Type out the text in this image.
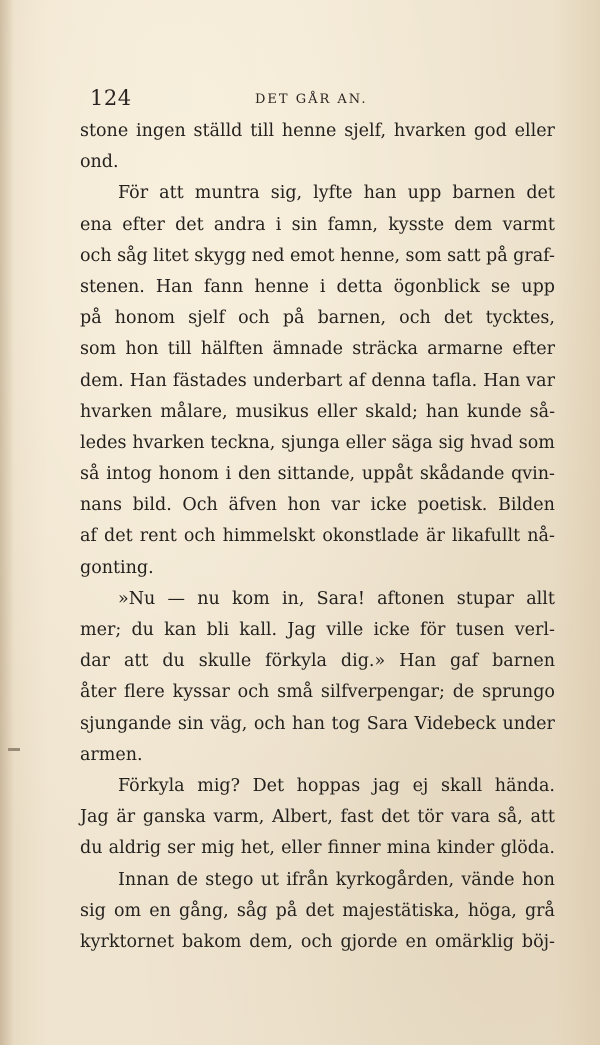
124	DET GÅR AN.
stone ingen ställd till henne sjelf, hvarken god eller
ond.
För att muntra sig, lyfte han upp barnen det
ena efter det andra i sin famn, kysste dem varmt
och såg litet skygg ned emot henne, som satt på graf-
stenen. Han fann henne i detta ögonblick se upp
på honom sjelf och på barnen, och det tycktes,
som hon till hälften ämnade sträcka armarne efter
dem. Han fästades underbart af denna tafla. Han var
hvarken målare, musikus eller skald; han kunde så-
ledes hvarken teckna, sjunga eller säga sig hvad som
så intog honom i den sittande, uppåt skådande qvin-
nans bild. Och äfven hon var icke poetisk. Bilden
af det rent och himmelskt okonstlade är likafullt nå-
gonting.
»Nu — nu kom in, Sara! aftonen stupar allt
mer; du kan bli kall. Jag ville icke för tusen verl-
dar att du skulle förkyla dig.» Han gaf barnen
åter flere kyssar och små silfverpengar; de sprungo
sjungande sin väg, och han tog Sara Videbeck under
armen.
Förkyla mig? Det hoppas jag ej skall hända.
Jag är ganska varm, Albert, fast det tör vara så, att
du aldrig ser mig het, eller finner mina kinder glöda.
Innan de stego ut ifrån kyrkogården, vände hon
sig om en gång, såg på det majestätiska, höga, grå
kyrktornet bakom dem, och gjorde en omärklig böj-
